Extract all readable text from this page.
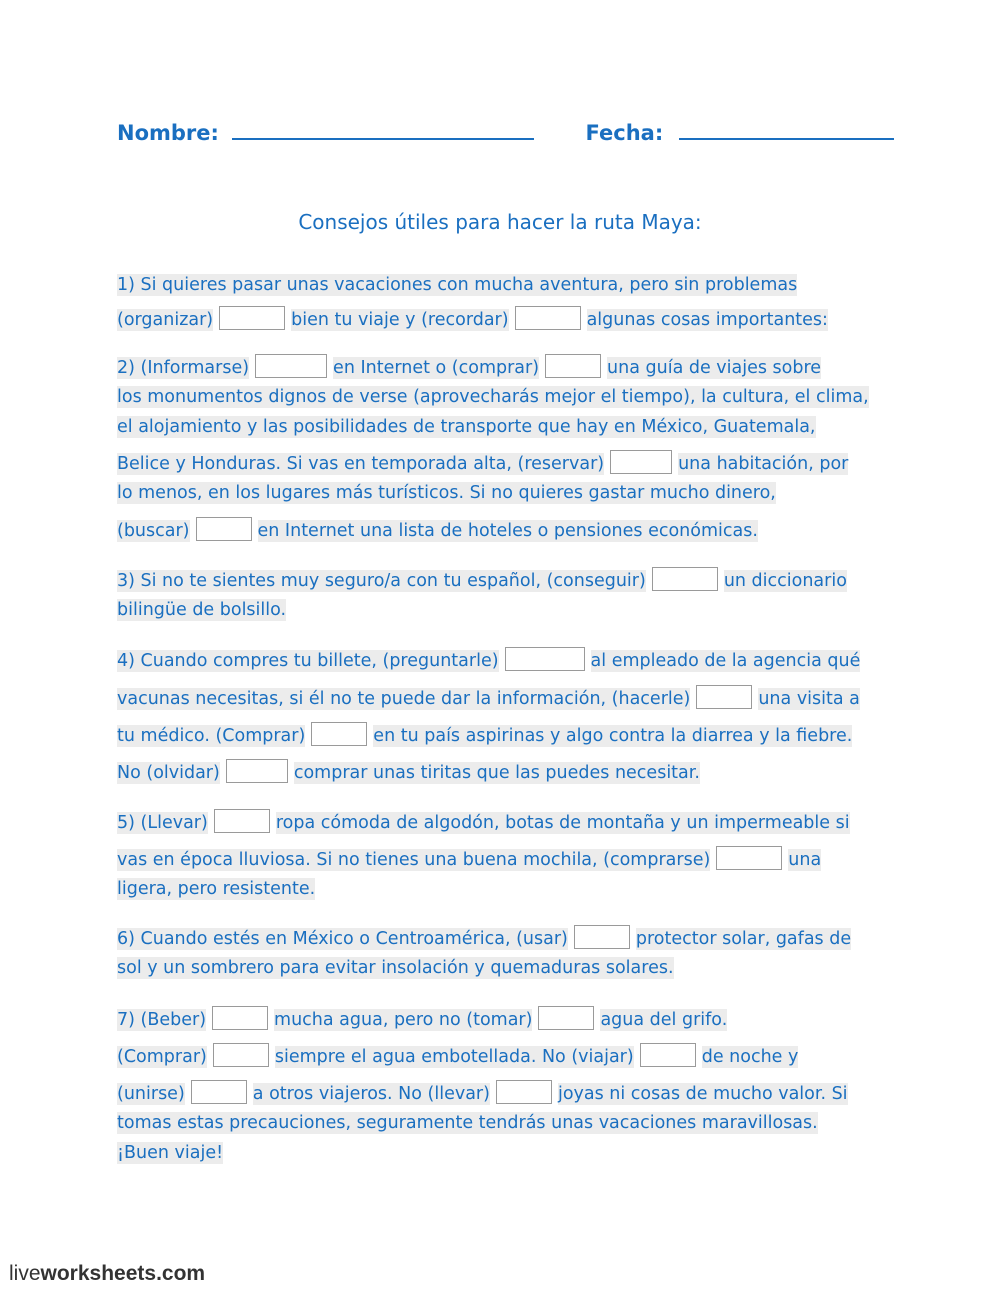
Nombre:	Fecha:
Consejos útiles para hacer la ruta Maya:
1) Si quieres pasar unas vacaciones con mucha aventura, pero sin problemas
(organizar)	bien tu viaje y (recordar)	algunas cosas importantes:
2) (Informarse)	en Internet o (comprar)	una guía de viajes sobre
los monumentos dignos de verse (aprovecharás mejor el tiempo), la cultura, el clima,
el alojamiento y las posibilidades de transporte que hay en México, Guatemala,
Belice y Honduras. Si vas en temporada alta, (reservar)	una habitación, por
lo menos, en los lugares más turísticos. Si no quieres gastar mucho dinero,
(buscar)	en Internet una lista de hoteles o pensiones económicas.
3) Si no te sientes muy seguro/a con tu español, (conseguir)	un diccionario
bilingüe de bolsillo.
4) Cuando compres tu billete, (preguntarle)	al empleado de la agencia qué
vacunas necesitas, si él no te puede dar la información, (hacerle)	una visita a
tu médico. (Comprar)	en tu país aspirinas y algo contra la diarrea y la fiebre.
No (olvidar)	comprar unas tiritas que las puedes necesitar.
5) (Llevar)	ropa cómoda de algodón, botas de montaña y un impermeable si
vas en época lluviosa. Si no tienes una buena mochila, (comprarse)	una
ligera, pero resistente.
6) Cuando estés en México o Centroamérica, (usar)	protector solar, gafas de
sol y un sombrero para evitar insolación y quemaduras solares.
7) (Beber)	mucha agua, pero no (tomar)	agua del grifo.
(Comprar)	siempre el agua embotellada. No (viajar)	de noche y
(unirse)	a otros viajeros. No (llevar)	joyas ni cosas de mucho valor. Si
tomas estas precauciones, seguramente tendrás unas vacaciones maravillosas.
¡Buen viaje!
liveworksheets.com
